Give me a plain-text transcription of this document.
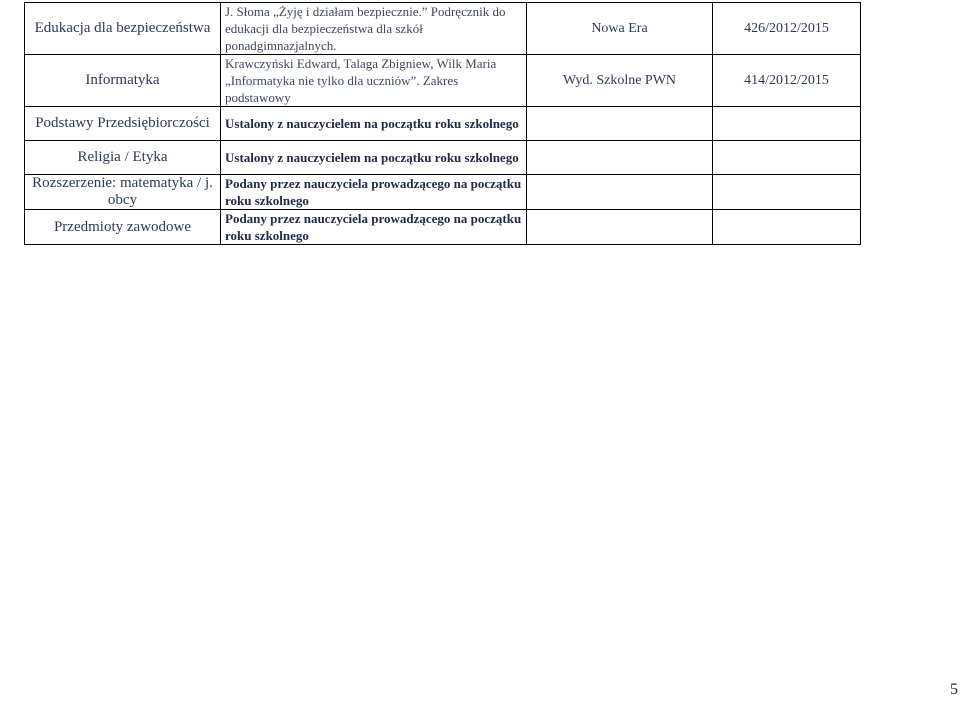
Edukacja dla bezpieczeństwa	J. Słoma „Żyję i działam bezpiecznie.” Podręcznik do edukacji dla bezpieczeństwa dla szkół ponadgimnazjalnych.	Nowa Era	426/2012/2015
Informatyka	Krawczyński Edward, Talaga Zbigniew, Wilk Maria „Informatyka nie tylko dla uczniów”. Zakres podstawowy	Wyd. Szkolne PWN	414/2012/2015
Podstawy Przedsiębiorczości	Ustalony z nauczycielem na początku roku szkolnego		
Religia / Etyka	Ustalony z nauczycielem na początku roku szkolnego		
Rozszerzenie: matematyka / j. obcy	Podany przez nauczyciela prowadzącego na początku roku szkolnego		
Przedmioty zawodowe	Podany przez nauczyciela prowadzącego na początku roku szkolnego		
5
